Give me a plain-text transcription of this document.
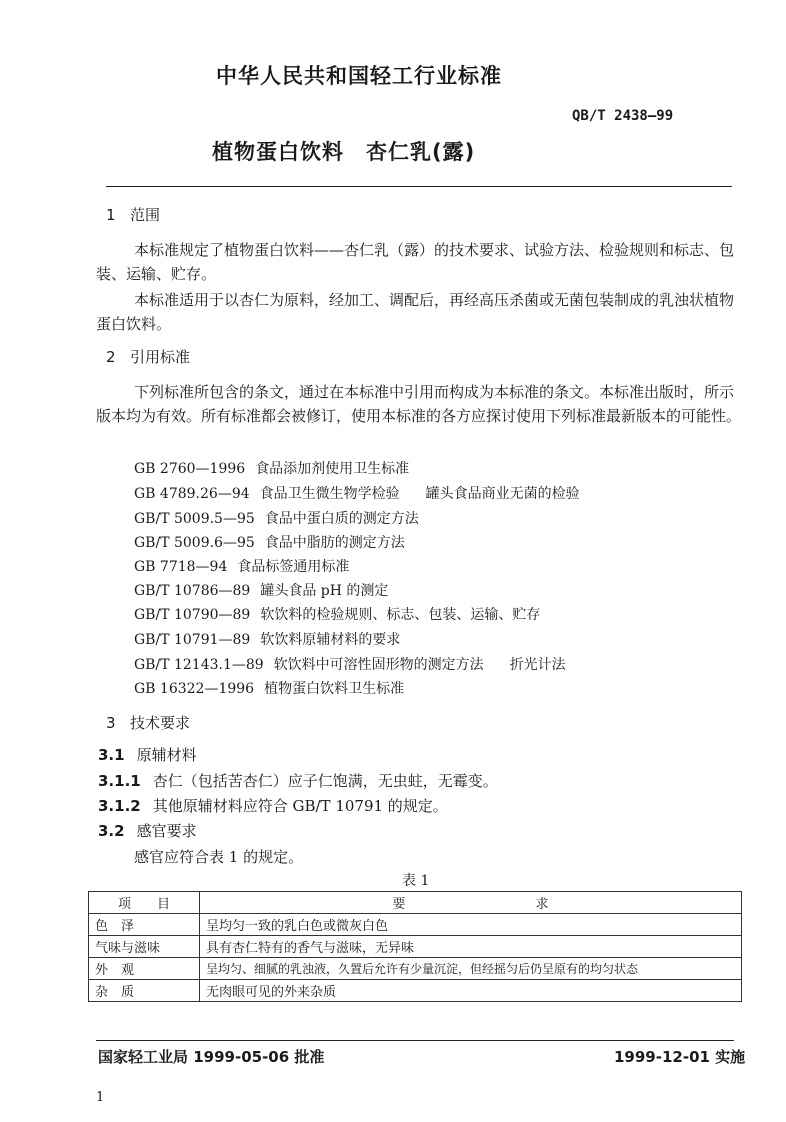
中华人民共和国轻工行业标准
QB/T 2438—99
植物蛋白饮料　杏仁乳(露)
1 范围
本标准规定了植物蛋白饮料——杏仁乳（露）的技术要求、试验方法、检验规则和标志、包装、运输、贮存。
本标准适用于以杏仁为原料，经加工、调配后，再经高压杀菌或无菌包装制成的乳浊状植物蛋白饮料。
2 引用标准
下列标准所包含的条文，通过在本标准中引用而构成为本标准的条文。本标准出版时，所示版本均为有效。所有标准都会被修订，使用本标准的各方应探讨使用下列标准最新版本的可能性。
GB 2760—1996 食品添加剂使用卫生标准
GB 4789.26—94 食品卫生微生物学检验 罐头食品商业无菌的检验
GB/T 5009.5—95 食品中蛋白质的测定方法
GB/T 5009.6—95 食品中脂肪的测定方法
GB 7718—94 食品标签通用标准
GB/T 10786—89 罐头食品 pH 的测定
GB/T 10790—89 软饮料的检验规则、标志、包装、运输、贮存
GB/T 10791—89 软饮料原辅材料的要求
GB/T 12143.1—89 软饮料中可溶性固形物的测定方法 折光计法
GB 16322—1996 植物蛋白饮料卫生标准
3 技术要求
3.1 原辅材料
3.1.1 杏仁（包括苦杏仁）应子仁饱满，无虫蛀，无霉变。
3.1.2 其他原辅材料应符合 GB/T 10791 的规定。
3.2 感官要求
感官应符合表 1 的规定。
表 1
项　　目	要　　　　　　　　　　求
色　泽	呈均匀一致的乳白色或微灰白色
气味与滋味	具有杏仁特有的香气与滋味，无异味
外　观	呈均匀、细腻的乳浊液，久置后允许有少量沉淀，但经摇匀后仍呈原有的均匀状态
杂　质	无肉眼可见的外来杂质
国家轻工业局 1999-05-06 批准	1999-12-01 实施
1
